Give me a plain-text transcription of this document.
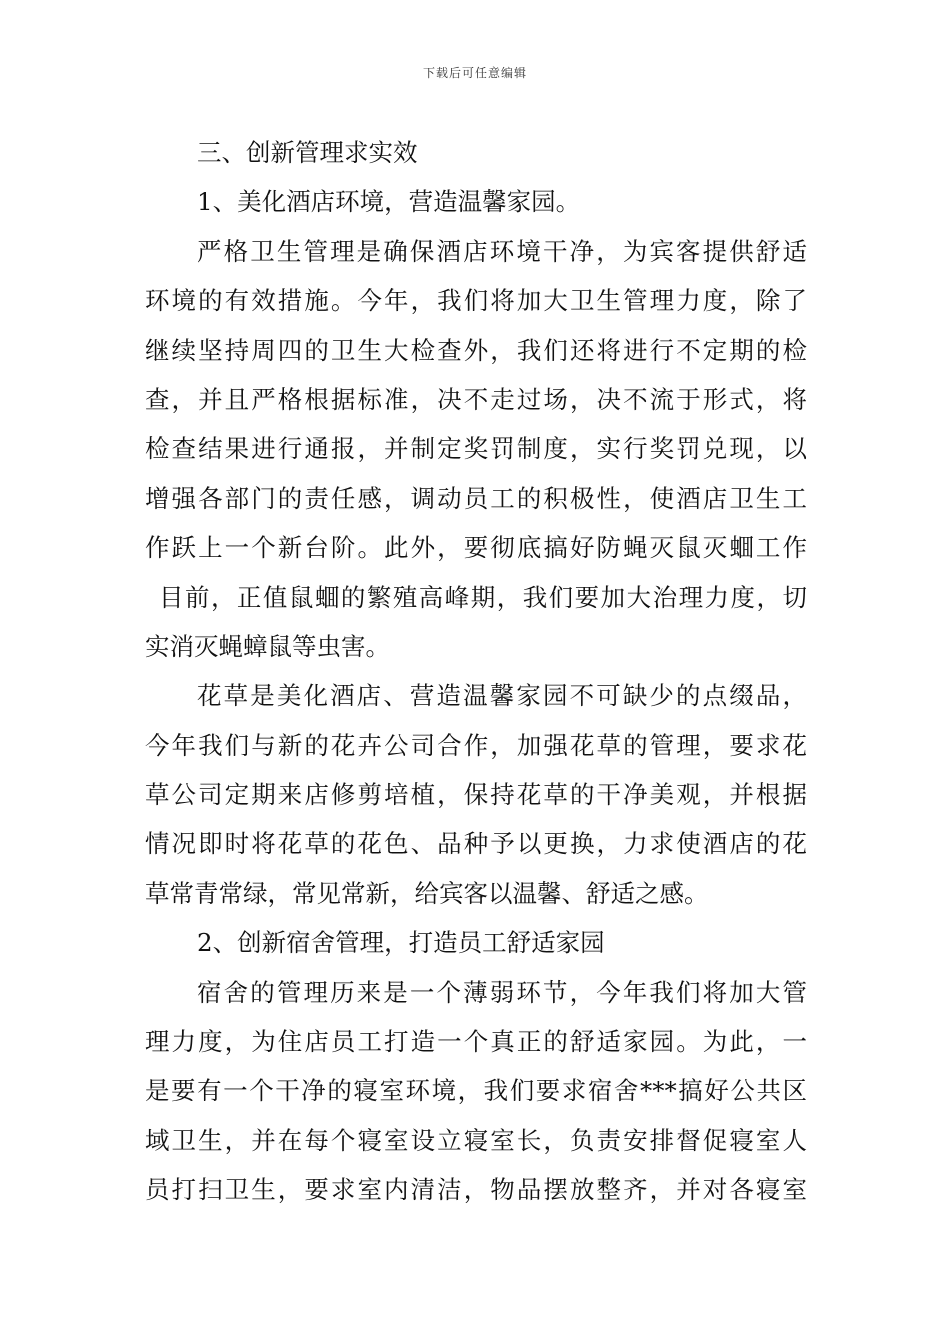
下载后可任意编辑
三、创新管理求实效
1、美化酒店环境，营造温馨家园。
严格卫生管理是确保酒店环境干净，为宾客提供舒适
环境的有效措施。今年，我们将加大卫生管理力度，除了
继续坚持周四的卫生大检查外，我们还将进行不定期的检
查，并且严格根据标准，决不走过场，决不流于形式，将
检查结果进行通报，并制定奖罚制度，实行奖罚兑现，以
增强各部门的责任感，调动员工的积极性，使酒店卫生工
作跃上一个新台阶。此外，要彻底搞好防蝇灭鼠灭蜖工作
目前，正值鼠蜖的繁殖高峰期，我们要加大治理力度，切
实消灭蝇蟑鼠等虫害。
花草是美化酒店、营造温馨家园不可缺少的点缀品，
今年我们与新的花卉公司合作，加强花草的管理，要求花
草公司定期来店修剪培植，保持花草的干净美观，并根据
情况即时将花草的花色、品种予以更换，力求使酒店的花
草常青常绿，常见常新，给宾客以温馨、舒适之感。
2、创新宿舍管理，打造员工舒适家园
宿舍的管理历来是一个薄弱环节，今年我们将加大管
理力度，为住店员工打造一个真正的舒适家园。为此，一
是要有一个干净的寝室环境，我们要求宿舍***搞好公共区
域卫生，并在每个寝室设立寝室长，负责安排督促寝室人
员打扫卫生，要求室内清洁，物品摆放整齐，并对各寝室
